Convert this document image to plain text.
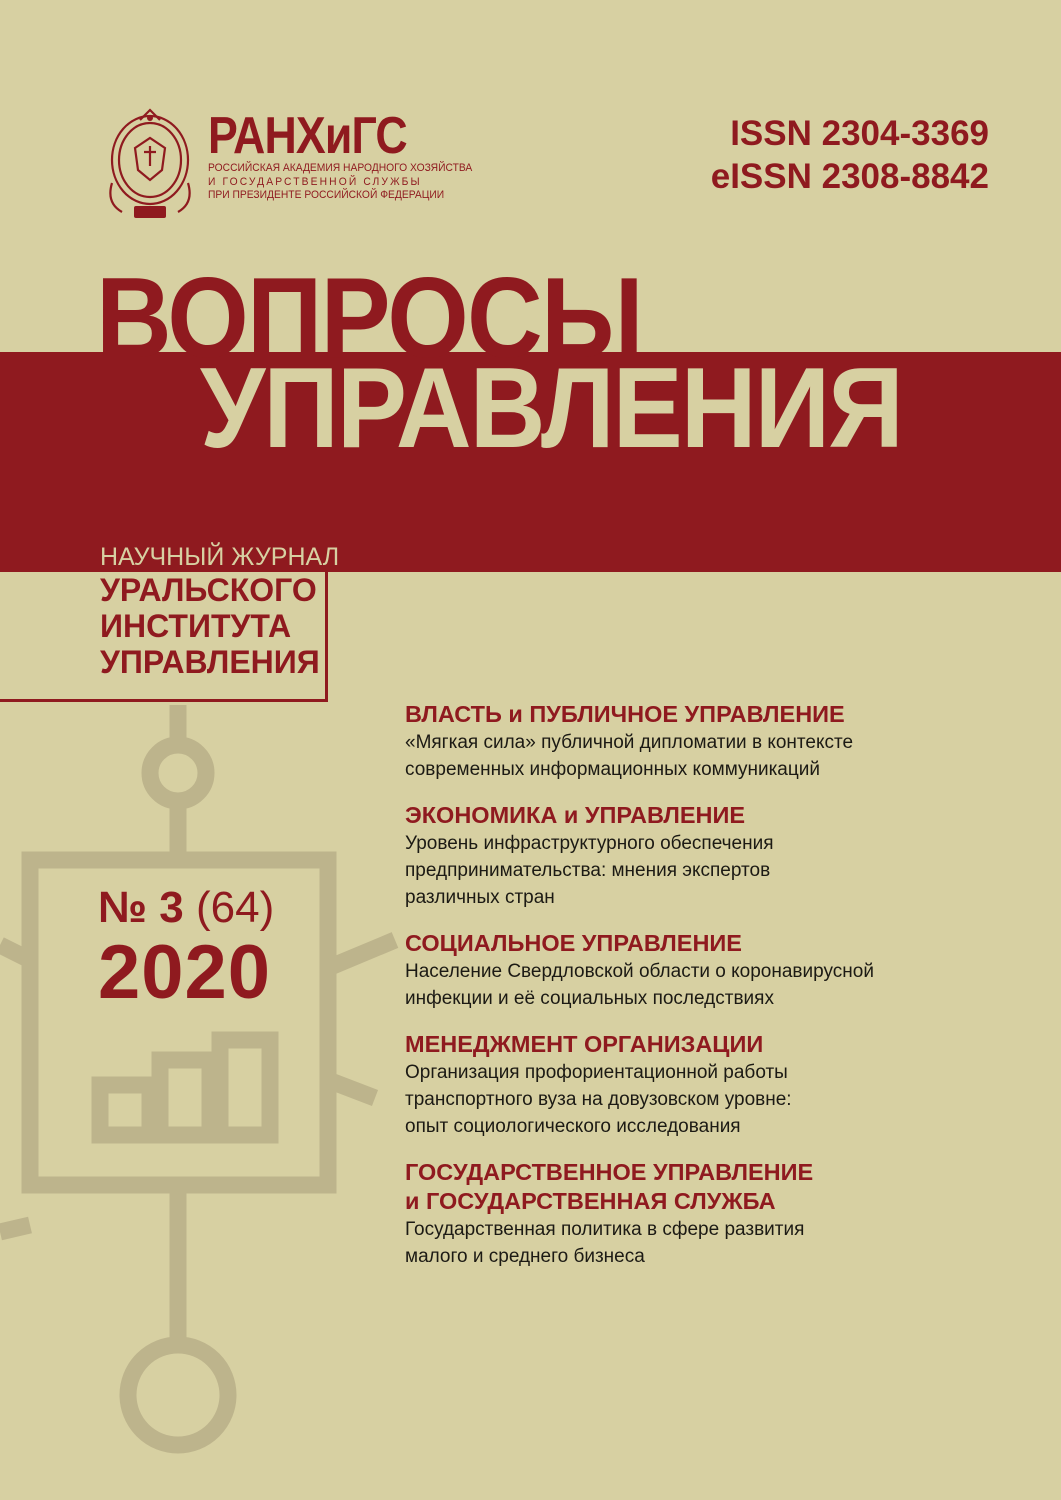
РАНХиГС
РОССИЙСКАЯ АКАДЕМИЯ НАРОДНОГО ХОЗЯЙСТВА
И ГОСУДАРСТВЕННОЙ СЛУЖБЫ
ПРИ ПРЕЗИДЕНТЕ РОССИЙСКОЙ ФЕДЕРАЦИИ
ISSN 2304-3369
eISSN 2308-8842
ВОПРОСЫ
УПРАВЛЕНИЯ
НАУЧНЫЙ ЖУРНАЛ
УРАЛЬСКОГО
ИНСТИТУТА
УПРАВЛЕНИЯ
№ 3 (64)
2020
ВЛАСТЬ и ПУБЛИЧНОЕ УПРАВЛЕНИЕ
«Мягкая сила» публичной дипломатии в контексте
современных информационных коммуникаций
ЭКОНОМИКА и УПРАВЛЕНИЕ
Уровень инфраструктурного обеспечения
предпринимательства: мнения экспертов
различных стран
СОЦИАЛЬНОЕ УПРАВЛЕНИЕ
Население Свердловской области о коронавирусной
инфекции и её социальных последствиях
МЕНЕДЖМЕНТ ОРГАНИЗАЦИИ
Организация профориентационной работы
транспортного вуза на довузовском уровне:
опыт социологического исследования
ГОСУДАРСТВЕННОЕ УПРАВЛЕНИЕ
и ГОСУДАРСТВЕННАЯ СЛУЖБА
Государственная политика в сфере развития
малого и среднего бизнеса
